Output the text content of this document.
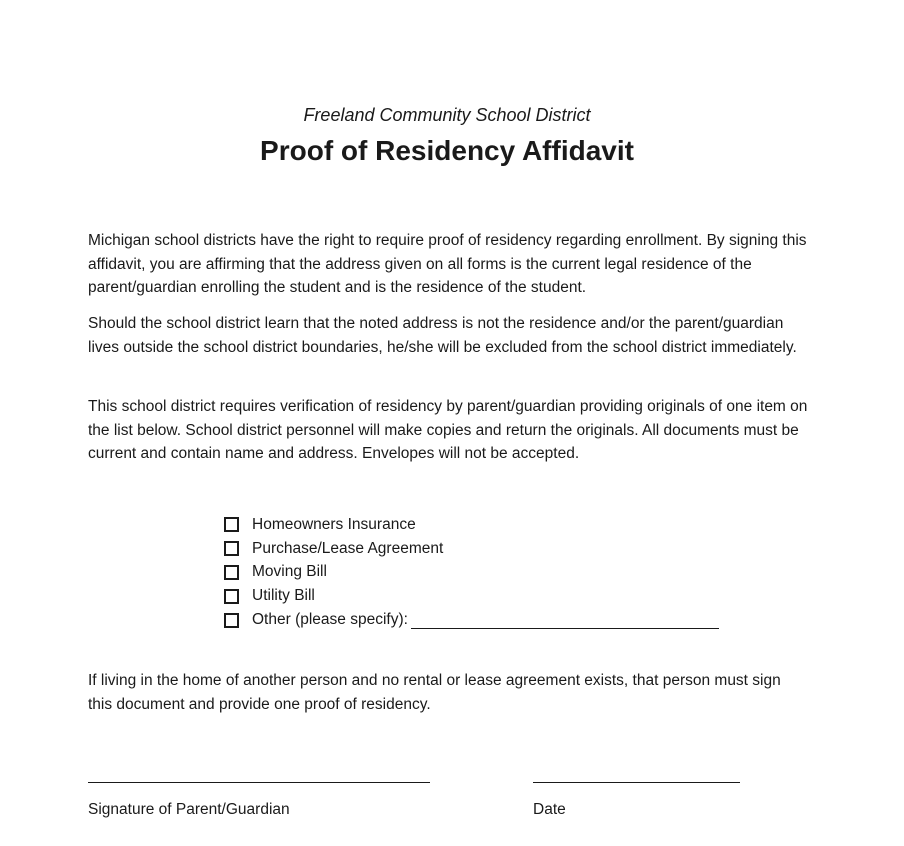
Freeland Community School District
Proof of Residency Affidavit

Michigan school districts have the right to require proof of residency regarding enrollment. By signing this affidavit, you are affirming that the address given on all forms is the current legal residence of the parent/guardian enrolling the student and is the residence of the student.

Should the school district learn that the noted address is not the residence and/or the parent/guardian lives outside the school district boundaries, he/she will be excluded from the school district immediately.

This school district requires verification of residency by parent/guardian providing originals of one item on the list below. School district personnel will make copies and return the originals. All documents must be current and contain name and address. Envelopes will not be accepted.

Homeowners Insurance
Purchase/Lease Agreement
Moving Bill
Utility Bill
Other (please specify):

If living in the home of another person and no rental or lease agreement exists, that person must sign this document and provide one proof of residency.

Signature of Parent/Guardian	Date
